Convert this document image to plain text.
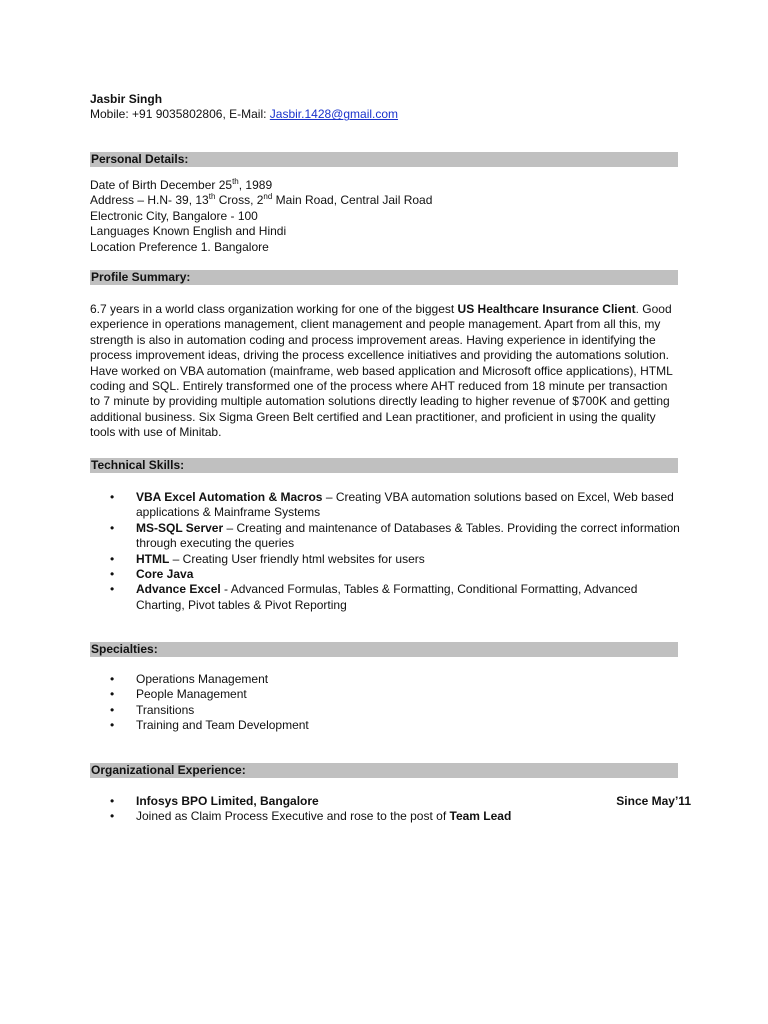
Jasbir Singh
Mobile: +91 9035802806, E-Mail: Jasbir.1428@gmail.com
Personal Details:
Date of Birth December 25th, 1989
Address – H.N- 39, 13th Cross, 2nd Main Road, Central Jail Road
Electronic City, Bangalore - 100
Languages Known English and Hindi
Location Preference 1. Bangalore
Profile Summary:
6.7 years in a world class organization working for one of the biggest US Healthcare Insurance Client. Good experience in operations management, client management and people management. Apart from all this, my strength is also in automation coding and process improvement areas. Having experience in identifying the process improvement ideas, driving the process excellence initiatives and providing the automations solution. Have worked on VBA automation (mainframe, web based application and Microsoft office applications), HTML coding and SQL. Entirely transformed one of the process where AHT reduced from 18 minute per transaction to 7 minute by providing multiple automation solutions directly leading to higher revenue of $700K and getting additional business. Six Sigma Green Belt certified and Lean practitioner, and proficient in using the quality tools with use of Minitab.
Technical Skills:
• VBA Excel Automation & Macros – Creating VBA automation solutions based on Excel, Web based applications & Mainframe Systems
• MS-SQL Server – Creating and maintenance of Databases & Tables. Providing the correct information through executing the queries
• HTML – Creating User friendly html websites for users
• Core Java
• Advance Excel - Advanced Formulas, Tables & Formatting, Conditional Formatting, Advanced Charting, Pivot tables & Pivot Reporting
Specialties:
• Operations Management
• People Management
• Transitions
• Training and Team Development
Organizational Experience:
• Infosys BPO Limited, Bangalore	Since May’11
• Joined as Claim Process Executive and rose to the post of Team Lead
